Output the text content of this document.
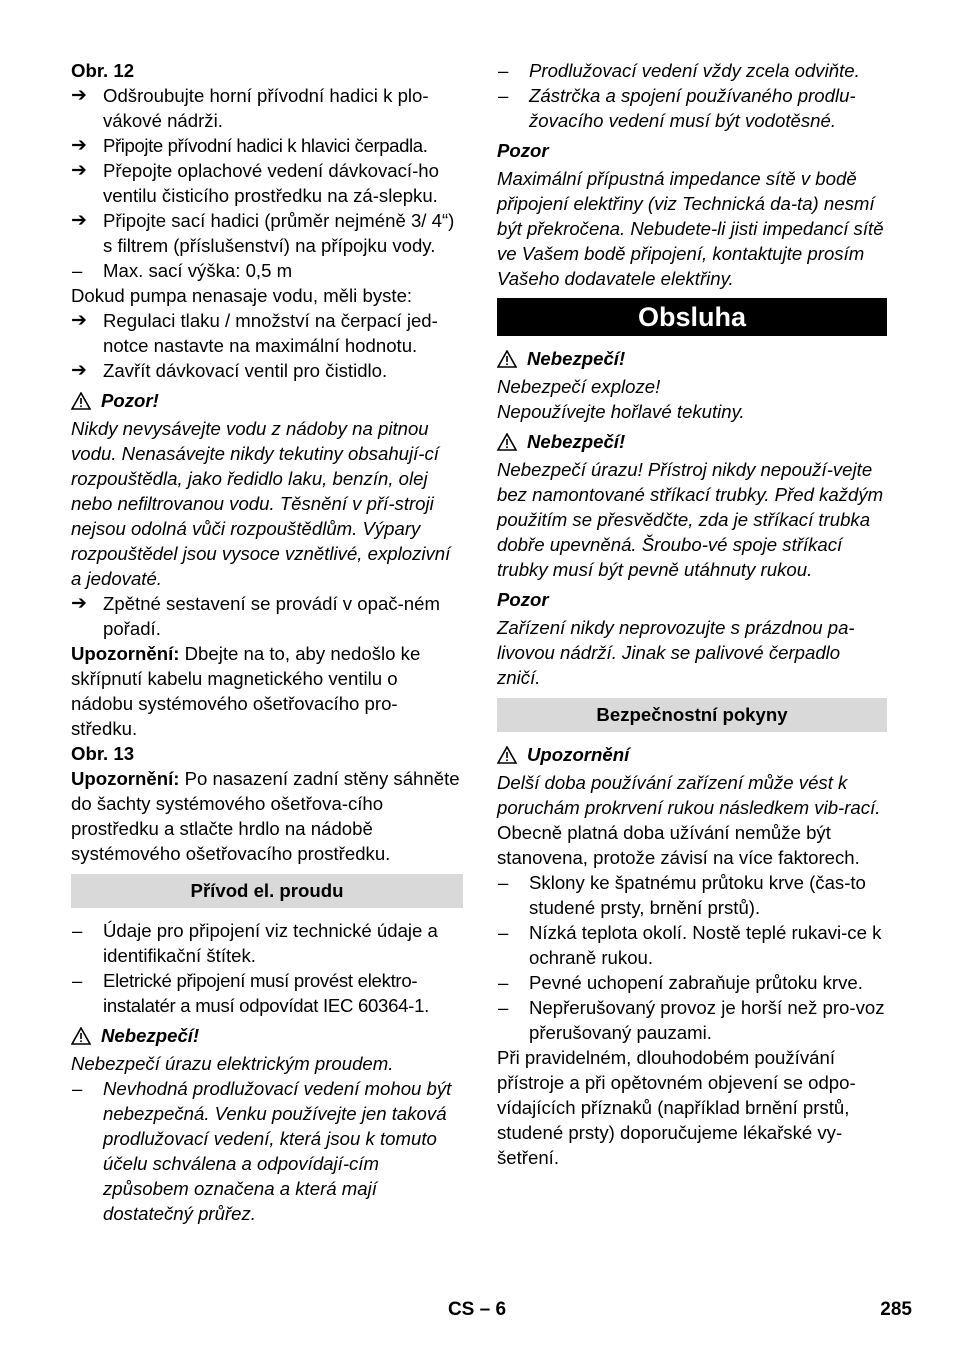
Obr. 12

➔ Odšroubujte horní přívodní hadici k plo-vákové nádrži.
➔ Připojte přívodní hadici k hlavici čerpadla.
➔ Přepojte oplachové vedení dávkovací-ho ventilu čisticího prostředku na zá-slepku.
➔ Připojte sací hadici (průměr nejméně 3/ 4“) s filtrem (příslušenství) na přípojku vody.
–	Max. sací výška: 0,5 m

Dokud pumpa nenasaje vodu, měli byste:

➔ Regulaci tlaku / množství na čerpací jed-notce nastavte na maximální hodnotu.
➔ Zavřít dávkovací ventil pro čistidlo.

Pozor!

Nikdy nevysávejte vodu z nádoby na pitnou vodu. Nenasávejte nikdy tekutiny obsahují-cí rozpouštědla, jako ředidlo laku, benzín, olej nebo nefiltrovanou vodu. Těsnění v pří-stroji nejsou odolná vůči rozpouštědlům. Výpary rozpouštědel jsou vysoce vznětlivé, explozivní a jedovaté.

➔ Zpětné sestavení se provádí v opač-ném pořadí.

Upozornění: Dbejte na to, aby nedošlo ke skřípnutí kabelu magnetického ventilu o nádobu systémového ošetřovacího pro-středku.

Obr. 13

Upozornění: Po nasazení zadní stěny sáhněte do šachty systémového ošetřova-cího prostředku a stlačte hrdlo na nádobě systémového ošetřovacího prostředku.

Přívod el. proudu
–	Údaje pro připojení viz technické údaje a identifikační štítek.
–	Eletrické připojení musí provést elektro-instalatér a musí odpovídat IEC 60364-1.

Nebezpečí!

Nebezpečí úrazu elektrickým proudem.

–	Nevhodná prodlužovací vedení mohou být nebezpečná. Venku používejte jen taková prodlužovací vedení, která jsou k tomuto účelu schválena a odpovídají-cím způsobem označena a která mají dostatečný průřez.
–	Prodlužovací vedení vždy zcela odviňte.
–	Zástrčka a spojení používaného prodlu-žovacího vedení musí být vodotěsné.

Pozor

Maximální přípustná impedance sítě v bodě připojení elektřiny (viz Technická da-ta) nesmí být překročena. Nebudete-li jisti impedancí sítě ve Vašem bodě připojení, kontaktujte prosím Vašeho dodavatele elektřiny.

Obsluha

Nebezpečí!

Nebezpečí exploze!

Nepoužívejte hořlavé tekutiny.

Nebezpečí!

Nebezpečí úrazu! Přístroj nikdy nepouží-vejte bez namontované stříkací trubky. Před každým použitím se přesvědčte, zda je stříkací trubka dobře upevněná. Šroubo-vé spoje stříkací trubky musí být pevně utáhnuty rukou.

Pozor

Zařízení nikdy neprovozujte s prázdnou pa-livovou nádrží. Jinak se palivové čerpadlo zničí.

Bezpečnostní pokyny

Upozornění

Delší doba používání zařízení může vést k poruchám prokrvení rukou následkem vib-rací.

Obecně platná doba užívání nemůže být stanovena, protože závisí na více faktorech.

–	Sklony ke špatnému průtoku krve (čas-to studené prsty, brnění prstů).
–	Nízká teplota okolí. Nostě teplé rukavi-ce k ochraně rukou.
–	Pevné uchopení zabraňuje průtoku krve.
–	Nepřerušovaný provoz je horší než pro-voz přerušovaný pauzami.

Při pravidelném, dlouhodobém používání přístroje a při opětovném objevení se odpo-vídajících příznaků (například brnění prstů, studené prsty) doporučujeme lékařské vy-šetření.

CS – 6	285
